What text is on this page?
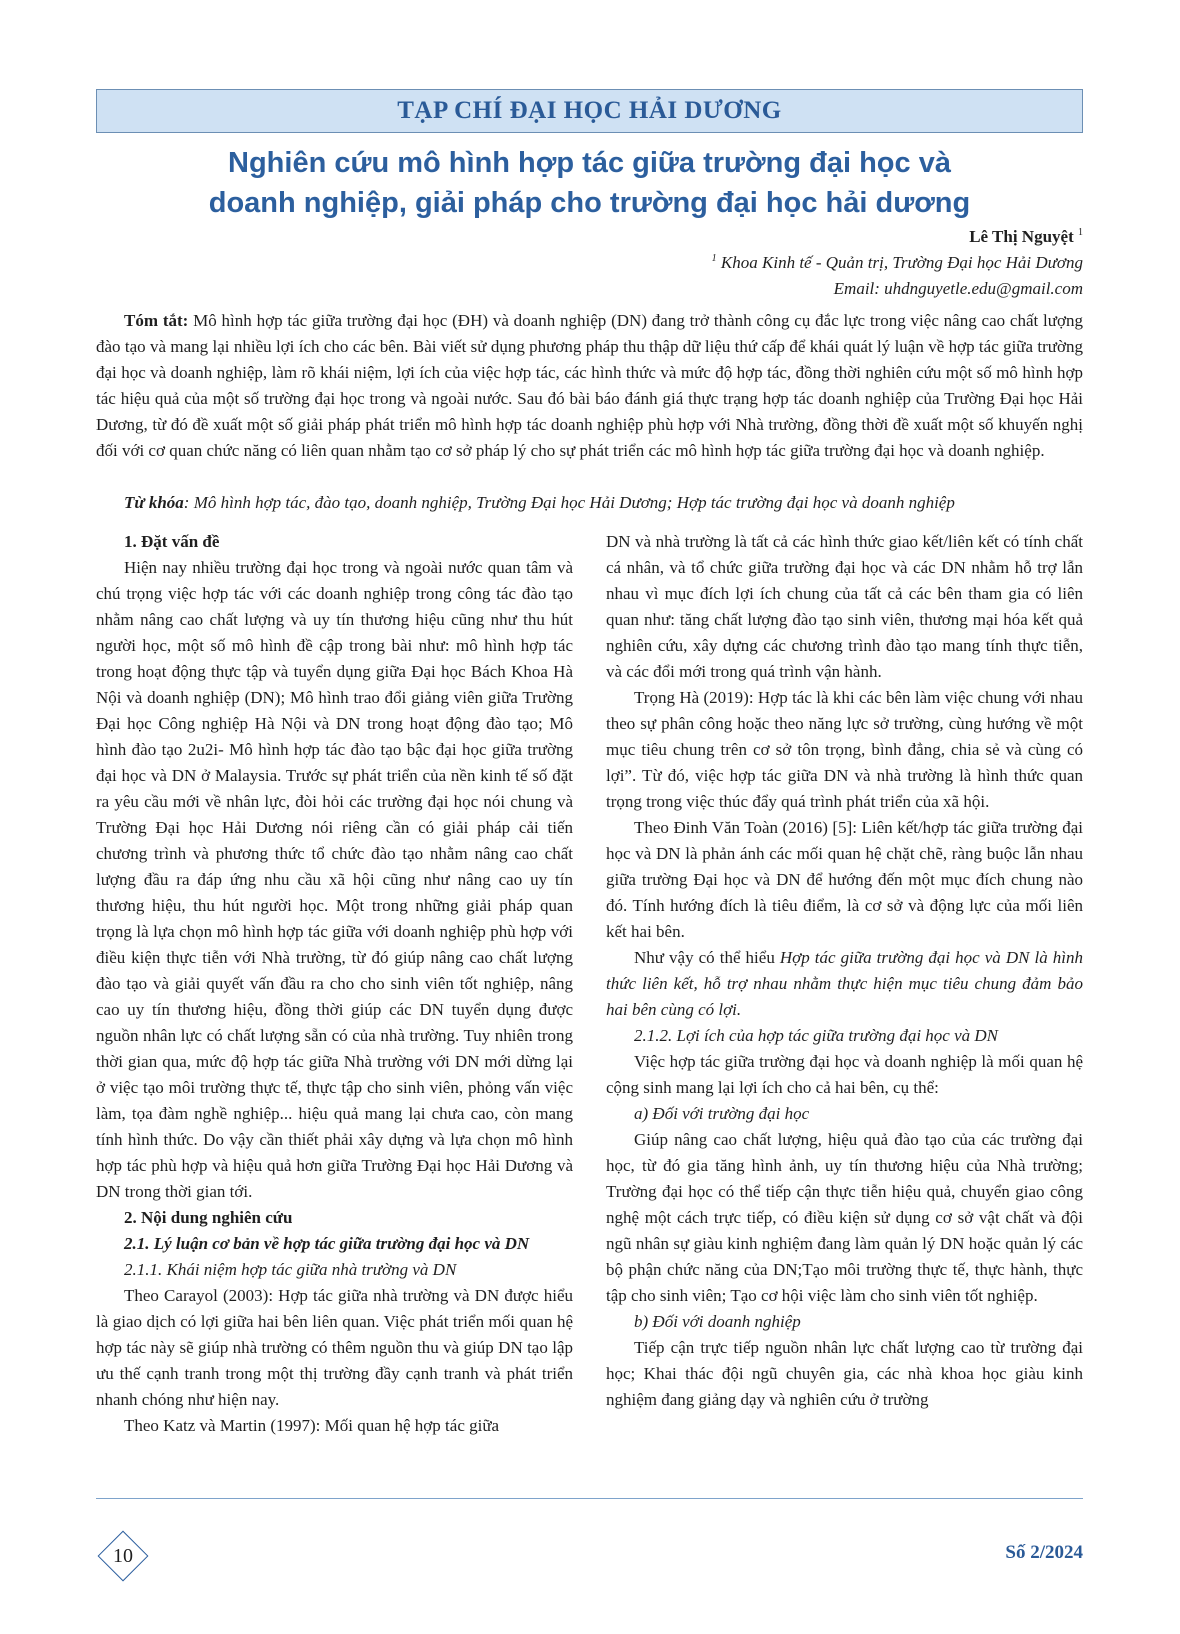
TẠP CHÍ ĐẠI HỌC HẢI DƯƠNG
Nghiên cứu mô hình hợp tác giữa trường đại học và
doanh nghiệp, giải pháp cho trường đại học hải dương
Lê Thị Nguyệt $^1$
$^1$ Khoa Kinh tế - Quản trị, Trường Đại học Hải Dương
Email: uhdnguyetle.edu@gmail.com

Tóm tắt: Mô hình hợp tác giữa trường đại học (ĐH) và doanh nghiệp (DN) đang trở thành công cụ đắc lực trong việc nâng cao chất lượng đào tạo và mang lại nhiều lợi ích cho các bên. Bài viết sử dụng phương pháp thu thập dữ liệu thứ cấp để khái quát lý luận về hợp tác giữa trường đại học và doanh nghiệp, làm rõ khái niệm, lợi ích của việc hợp tác, các hình thức và mức độ hợp tác, đồng thời nghiên cứu một số mô hình hợp tác hiệu quả của một số trường đại học trong và ngoài nước. Sau đó bài báo đánh giá thực trạng hợp tác doanh nghiệp của Trường Đại học Hải Dương, từ đó đề xuất một số giải pháp phát triển mô hình hợp tác doanh nghiệp phù hợp với Nhà trường, đồng thời đề xuất một số khuyến nghị đối với cơ quan chức năng có liên quan nhằm tạo cơ sở pháp lý cho sự phát triển các mô hình hợp tác giữa trường đại học và doanh nghiệp.

Từ khóa: Mô hình hợp tác, đào tạo, doanh nghiệp, Trường Đại học Hải Dương; Hợp tác trường đại học và doanh nghiệp

1. Đặt vấn đề

Hiện nay nhiều trường đại học trong và ngoài nước quan tâm và chú trọng việc hợp tác với các doanh nghiệp trong công tác đào tạo nhằm nâng cao chất lượng và uy tín thương hiệu cũng như thu hút người học, một số mô hình đề cập trong bài như: mô hình hợp tác trong hoạt động thực tập và tuyển dụng giữa Đại học Bách Khoa Hà Nội và doanh nghiệp (DN); Mô hình trao đổi giảng viên giữa Trường Đại học Công nghiệp Hà Nội và DN trong hoạt động đào tạo; Mô hình đào tạo 2u2i- Mô hình hợp tác đào tạo bậc đại học giữa trường đại học và DN ở Malaysia. Trước sự phát triển của nền kinh tế số đặt ra yêu cầu mới về nhân lực, đòi hỏi các trường đại học nói chung và Trường Đại học Hải Dương nói riêng cần có giải pháp cải tiến chương trình và phương thức tổ chức đào tạo nhằm nâng cao chất lượng đầu ra đáp ứng nhu cầu xã hội cũng như nâng cao uy tín thương hiệu, thu hút người học. Một trong những giải pháp quan trọng là lựa chọn mô hình hợp tác giữa với doanh nghiệp phù hợp với điều kiện thực tiễn với Nhà trường, từ đó giúp nâng cao chất lượng đào tạo và giải quyết vấn đầu ra cho cho sinh viên tốt nghiệp, nâng cao uy tín thương hiệu, đồng thời giúp các DN tuyển dụng được nguồn nhân lực có chất lượng sẵn có của nhà trường. Tuy nhiên trong thời gian qua, mức độ hợp tác giữa Nhà trường với DN mới dừng lại ở việc tạo môi trường thực tế, thực tập cho sinh viên, phỏng vấn việc làm, tọa đàm nghề nghiệp... hiệu quả mang lại chưa cao, còn mang tính hình thức. Do vậy cần thiết phải xây dựng và lựa chọn mô hình hợp tác phù hợp và hiệu quả hơn giữa Trường Đại học Hải Dương và DN trong thời gian tới.

2. Nội dung nghiên cứu

2.1. Lý luận cơ bản về hợp tác giữa trường đại học và DN

2.1.1. Khái niệm hợp tác giữa nhà trường và DN

Theo Carayol (2003): Hợp tác giữa nhà trường và DN được hiểu là giao dịch có lợi giữa hai bên liên quan. Việc phát triển mối quan hệ hợp tác này sẽ giúp nhà trường có thêm nguồn thu và giúp DN tạo lập ưu thế cạnh tranh trong một thị trường đầy cạnh tranh và phát triển nhanh chóng như hiện nay.

Theo Katz và Martin (1997): Mối quan hệ hợp tác giữa

DN và nhà trường là tất cả các hình thức giao kết/liên kết có tính chất cá nhân, và tổ chức giữa trường đại học và các DN nhằm hỗ trợ lẫn nhau vì mục đích lợi ích chung của tất cả các bên tham gia có liên quan như: tăng chất lượng đào tạo sinh viên, thương mại hóa kết quả nghiên cứu, xây dựng các chương trình đào tạo mang tính thực tiễn, và các đổi mới trong quá trình vận hành.

Trọng Hà (2019): Hợp tác là khi các bên làm việc chung với nhau theo sự phân công hoặc theo năng lực sở trường, cùng hướng về một mục tiêu chung trên cơ sở tôn trọng, bình đẳng, chia sẻ và cùng có lợi”. Từ đó, việc hợp tác giữa DN và nhà trường là hình thức quan trọng trong việc thúc đẩy quá trình phát triển của xã hội.

Theo Đinh Văn Toàn (2016) [5]: Liên kết/hợp tác giữa trường đại học và DN là phản ánh các mối quan hệ chặt chẽ, ràng buộc lẫn nhau giữa trường Đại học và DN để hướng đến một mục đích chung nào đó. Tính hướng đích là tiêu điểm, là cơ sở và động lực của mối liên kết hai bên.

Như vậy có thể hiểu Hợp tác giữa trường đại học và DN là hình thức liên kết, hỗ trợ nhau nhằm thực hiện mục tiêu chung đảm bảo hai bên cùng có lợi.

2.1.2. Lợi ích của hợp tác giữa trường đại học và DN

Việc hợp tác giữa trường đại học và doanh nghiệp là mối quan hệ cộng sinh mang lại lợi ích cho cả hai bên, cụ thể:

a) Đối với trường đại học

Giúp nâng cao chất lượng, hiệu quả đào tạo của các trường đại học, từ đó gia tăng hình ảnh, uy tín thương hiệu của Nhà trường; Trường đại học có thể tiếp cận thực tiễn hiệu quả, chuyển giao công nghệ một cách trực tiếp, có điều kiện sử dụng cơ sở vật chất và đội ngũ nhân sự giàu kinh nghiệm đang làm quản lý DN hoặc quản lý các bộ phận chức năng của DN;Tạo môi trường thực tế, thực hành, thực tập cho sinh viên; Tạo cơ hội việc làm cho sinh viên tốt nghiệp.

b) Đối với doanh nghiệp

Tiếp cận trực tiếp nguồn nhân lực chất lượng cao từ trường đại học; Khai thác đội ngũ chuyên gia, các nhà khoa học giàu kinh nghiệm đang giảng dạy và nghiên cứu ở trường

10	Số 2/2024
